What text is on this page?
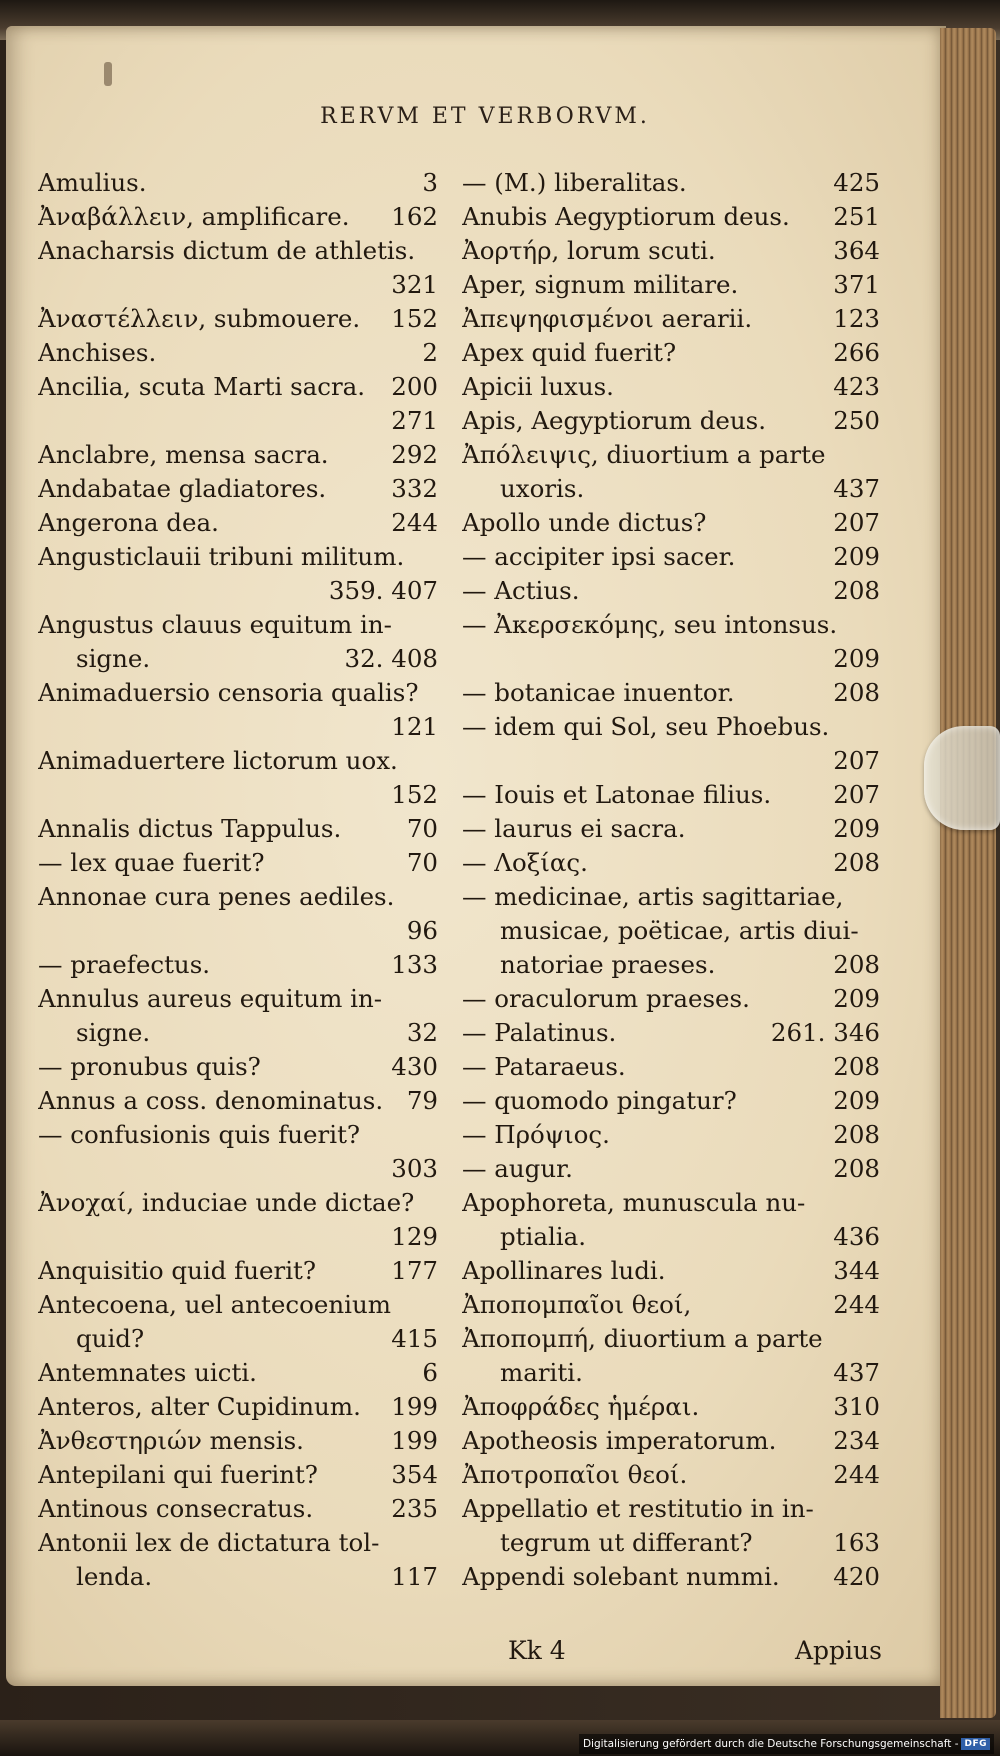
RERVM ET VERBORVM.
Amulius.	3
Ἀναβάλλειν, amplificare.	162
Anacharsis dictum de athletis.
321
Ἀναστέλλειν, submouere.	152
Anchises.	2
Ancilia, scuta Marti sacra.	200
271
Anclabre, mensa sacra.	292
Andabatae gladiatores.	332
Angerona dea.	244
Angusticlauii tribuni militum.
359. 407
Angustus clauus equitum in-
signe.	32. 408
Animaduersio censoria qualis?
121
Animaduertere lictorum uox.
152
Annalis dictus Tappulus.	70
— lex quae fuerit?	70
Annonae cura penes aediles.
96
— praefectus.	133
Annulus aureus equitum in-
signe.	32
— pronubus quis?	430
Annus a coss. denominatus. 79
— confusionis quis fuerit?
303
Ἀνοχαί, induciae unde dictae?
129
Anquisitio quid fuerit?	177
Antecoena, uel antecoenium
quid?	415
Antemnates uicti.	6
Anteros, alter Cupidinum.	199
Ἀνθεστηριών mensis.	199
Antepilani qui fuerint?	354
Antinous consecratus.	235
Antonii lex de dictatura tol-
lenda.	117
— (M.) liberalitas.	425
Anubis Aegyptiorum deus.	251
Ἀορτήρ, lorum scuti.	364
Aper, signum militare.	371
Ἀπεψηφισμένοι aerarii.	123
Apex quid fuerit?	266
Apicii luxus.	423
Apis, Aegyptiorum deus.	250
Ἀπόλειψις, diuortium a parte
uxoris.	437
Apollo unde dictus?	207
— accipiter ipsi sacer.	209
— Actius.	208
— Ἀκερσεκόμης, seu intonsus.
209
— botanicae inuentor.	208
— idem qui Sol, seu Phoebus.
207
— Iouis et Latonae filius.	207
— laurus ei sacra.	209
— Λοξίας.	208
— medicinae, artis sagittariae,
musicae, poëticae, artis diui-
natoriae praeses.	208
— oraculorum praeses.	209
— Palatinus.	261. 346
— Pataraeus.	208
— quomodo pingatur?	209
— Πρόψιος.	208
— augur.	208
Apophoreta, munuscula nu-
ptialia.	436
Apollinares ludi.	344
Ἀποπομπαῖοι θεοί,	244
Ἀποπομπή, diuortium a parte
mariti.	437
Ἀποφράδες ἡμέραι.	310
Apotheosis imperatorum.	234
Ἀποτροπαῖοι θεοί.	244
Appellatio et restitutio in in-
tegrum ut differant?	163
Appendi solebant nummi.	420
Kk 4	Appius
Digitalisierung gefördert durch die Deutsche Forschungsgemeinschaft - DFG
